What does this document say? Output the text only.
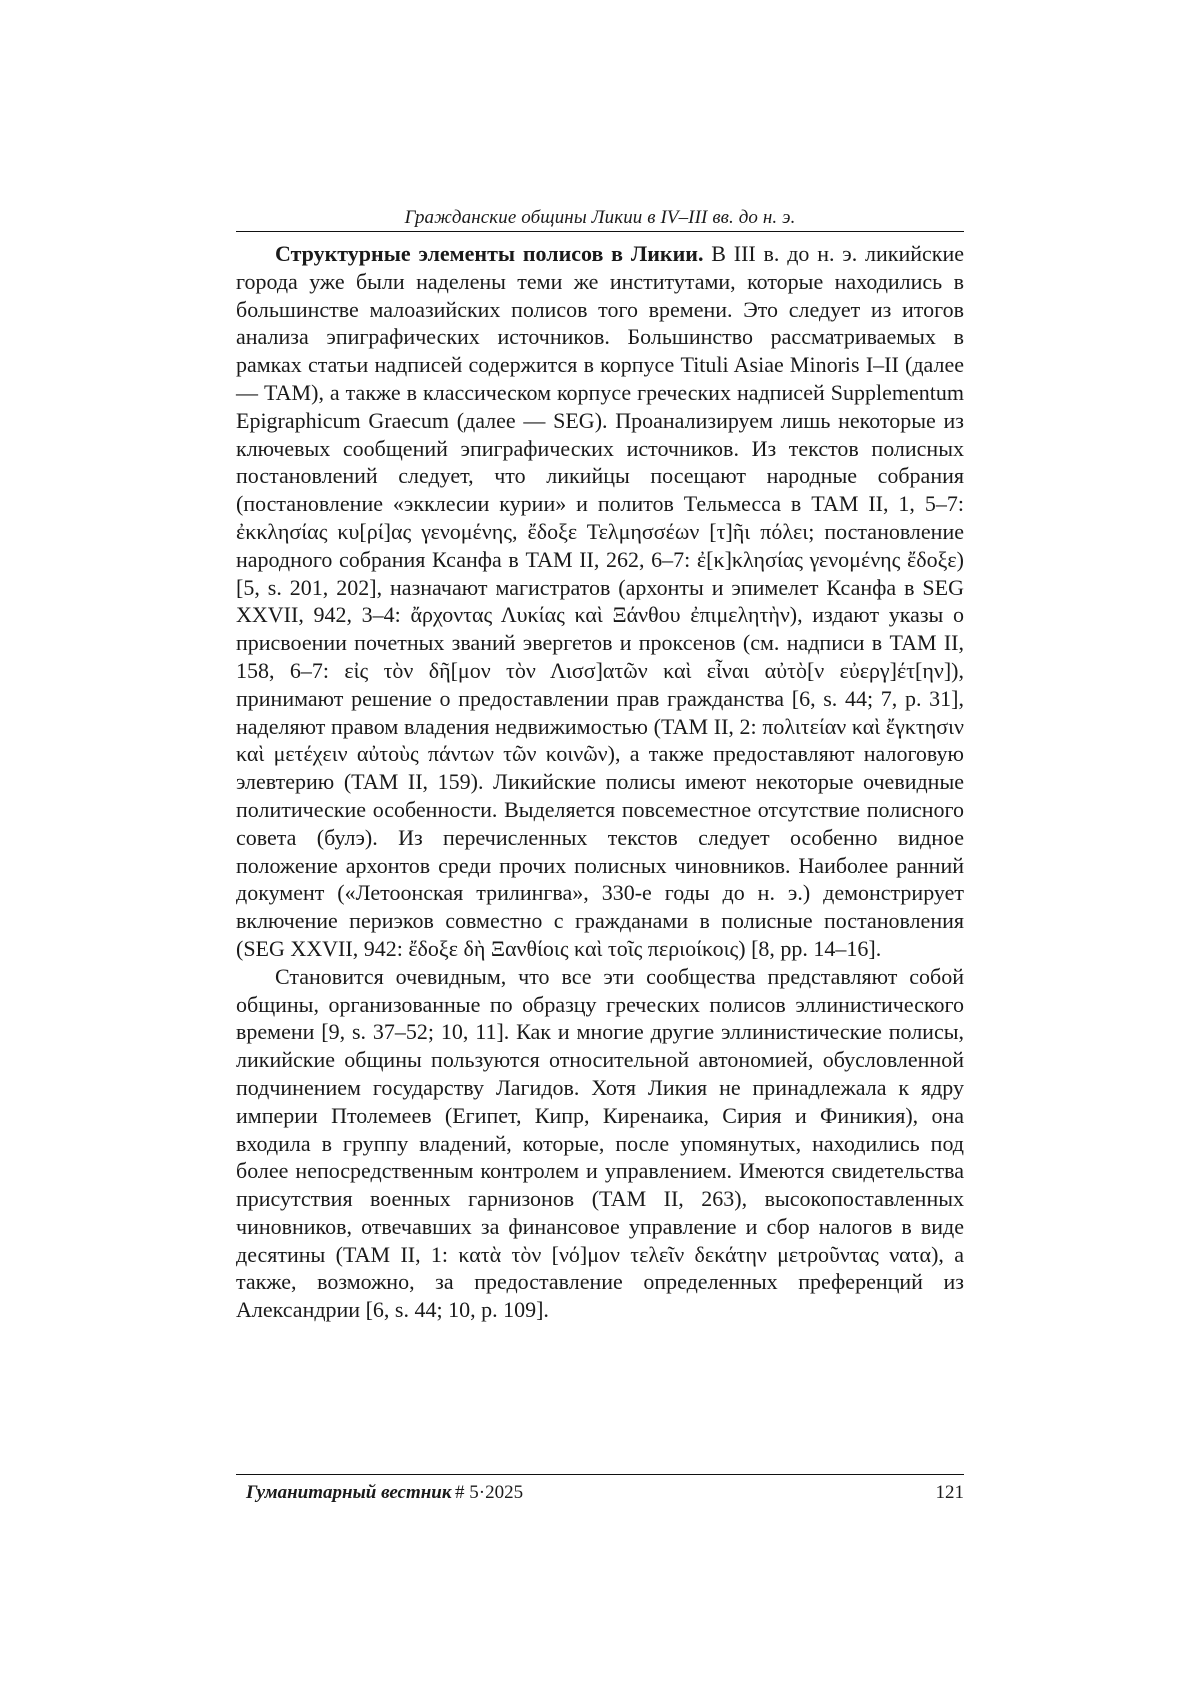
Гражданские общины Ликии в IV–III вв. до н. э.

Структурные элементы полисов в Ликии. В III в. до н. э. ликийские города уже были наделены теми же институтами, которые находились в большинстве малоазийских полисов того времени. Это следует из итогов анализа эпиграфических источников. Большинство рассматриваемых в рамках статьи надписей содержится в корпусе Tituli Asiae Minoris I–II (далее — TAM), а также в классическом корпусе греческих надписей Supplementum Epigraphicum Graecum (далее — SEG). Проанализируем лишь некоторые из ключевых сообщений эпиграфических источников. Из текстов полисных постановлений следует, что ликийцы посещают народные собрания (постановление «экклесии курии» и политов Тельмесса в TAM II, 1, 5–7: ἐκκλησίας κυ[ρί]ας γενομένης, ἔδοξε Τελμησσέων [τ]ῆι πόλει; постановление народного собрания Ксанфа в TAM II, 262, 6–7: ἐ[κ]κλησίας γενομένης ἔδοξε) [5, s. 201, 202], назначают магистратов (архонты и эпимелет Ксанфа в SEG XXVII, 942, 3–4: ἄρχοντας Λυκίας καὶ Ξάνθου ἐπιμελητὴν), издают указы о присвоении почетных званий эвергетов и проксенов (см. надписи в TAM II, 158, 6–7: εἰς τὸν δῆ[μον τὸν Λισσ]ατῶν καὶ εἶναι αὐτὸ[ν εὐεργ]έτ[ην]), принимают решение о предоставлении прав гражданства [6, s. 44; 7, p. 31], наделяют правом владения недвижимостью (TAM II, 2: πολιτείαν καὶ ἔγκτησιν καὶ μετέχειν αὐτοὺς πάντων τῶν κοινῶν), а также предоставляют налоговую элевтерию (TAM II, 159). Ликийские полисы имеют некоторые очевидные политические особенности. Выделяется повсеместное отсутствие полисного совета (булэ). Из перечисленных текстов следует особенно видное положение архонтов среди прочих полисных чиновников. Наиболее ранний документ («Летоонская трилингва», 330-е годы до н. э.) демонстрирует включение периэков совместно с гражданами в полисные постановления (SEG XXVII, 942: ἔδοξε δὴ Ξανθίοις καὶ τοῖς περιοίκοις) [8, pp. 14–16].

Становится очевидным, что все эти сообщества представляют собой общины, организованные по образцу греческих полисов эллинистического времени [9, s. 37–52; 10, 11]. Как и многие другие эллинистические полисы, ликийские общины пользуются относительной автономией, обусловленной подчинением государству Лагидов. Хотя Ликия не принадлежала к ядру империи Птолемеев (Египет, Кипр, Киренаика, Сирия и Финикия), она входила в группу владений, которые, после упомянутых, находились под более непосредственным контролем и управлением. Имеются свидетельства присутствия военных гарнизонов (TAM II, 263), высокопоставленных чиновников, отвечавших за финансовое управление и сбор налогов в виде десятины (TAM II, 1: κατὰ τὸν [νό]μον τελεῖν δεκάτην μετροῦντας νατα), а также, возможно, за предоставление определенных преференций из Александрии [6, s. 44; 10, p. 109].

Гуманитарный вестник # 5·2025	121
